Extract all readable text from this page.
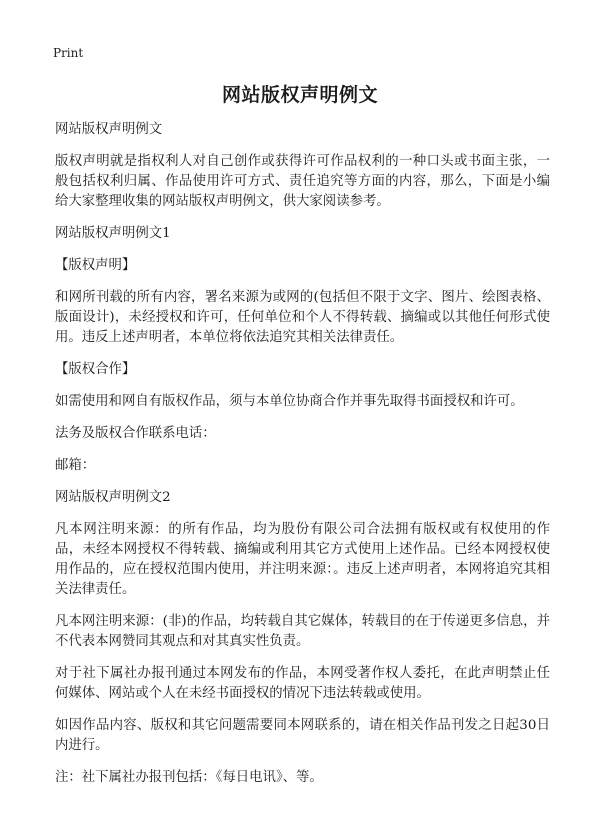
Print
网站版权声明例文

网站版权声明例文

版权声明就是指权利人对自己创作或获得许可作品权利的一种口头或书面主张，一般包括权利归属、作品使用许可方式、责任追究等方面的内容，那么，下面是小编给大家整理收集的网站版权声明例文，供大家阅读参考。

网站版权声明例文1

【版权声明】

和网所刊载的所有内容，署名来源为或网的(包括但不限于文字、图片、绘图表格、版面设计)，未经授权和许可，任何单位和个人不得转载、摘编或以其他任何形式使用。违反上述声明者，本单位将依法追究其相关法律责任。

【版权合作】

如需使用和网自有版权作品，须与本单位协商合作并事先取得书面授权和许可。

法务及版权合作联系电话：

邮箱：

网站版权声明例文2

凡本网注明来源：的所有作品，均为股份有限公司合法拥有版权或有权使用的作品，未经本网授权不得转载、摘编或利用其它方式使用上述作品。已经本网授权使用作品的，应在授权范围内使用，并注明来源：。违反上述声明者，本网将追究其相关法律责任。

凡本网注明来源：(非)的作品，均转载自其它媒体，转载目的在于传递更多信息，并不代表本网赞同其观点和对其真实性负责。

对于社下属社办报刊通过本网发布的作品，本网受著作权人委托，在此声明禁止任何媒体、网站或个人在未经书面授权的情况下违法转载或使用。

如因作品内容、版权和其它问题需要同本网联系的，请在相关作品刊发之日起30日内进行。

注：社下属社办报刊包括：《每日电讯》、等。
